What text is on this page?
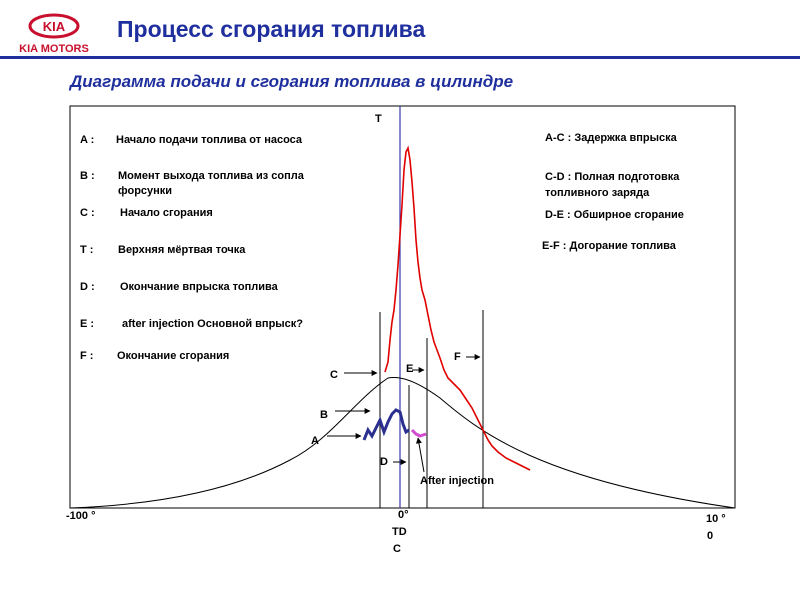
KIA
KIA MOTORS
Процесс сгорания топлива
Диаграмма подачи и сгорания топлива в цилиндре
A
B
C
D
E
F
T
After injection
A : Начало подачи топлива от насоса
B : Момент выхода топлива из сопла
форсунки
C : Начало сгорания
T : Верхняя мёртвая точка
D : Окончание впрыска топлива
E :	after injection Основной впрыск?
F : Окончание сгорания
A-C : Задержка впрыска
C-D : Полная подготовка
топливного заряда
D-E : Обширное сгорание
E-F : Догорание топлива
-100 °	0°
TD
C
10 °
0
